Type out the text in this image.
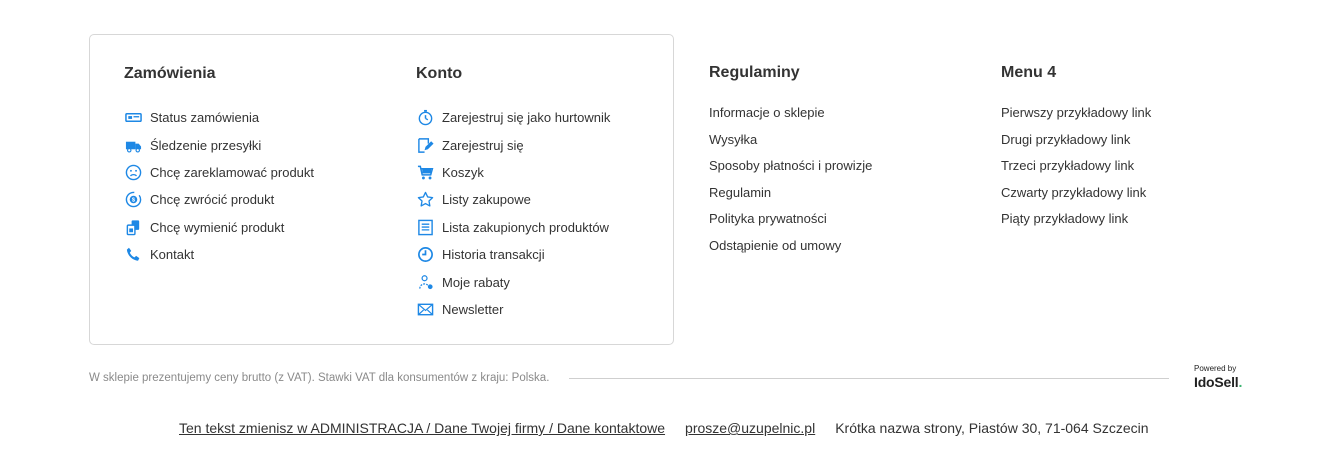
Zamówienia
Status zamówienia
Śledzenie przesyłki
Chcę zareklamować produkt
$ Chcę zwrócić produkt
Chcę wymienić produkt
Kontakt
Konto
Zarejestruj się jako hurtownik
Zarejestruj się
Koszyk
Listy zakupowe
Lista zakupionych produktów
Historia transakcji
Moje rabaty
Newsletter
Regulaminy
Informacje o sklepie
Wysyłka
Sposoby płatności i prowizje
Regulamin
Polityka prywatności
Odstąpienie od umowy
Menu 4
Pierwszy przykładowy link
Drugi przykładowy link
Trzeci przykładowy link
Czwarty przykładowy link
Piąty przykładowy link
W sklepie prezentujemy ceny brutto (z VAT). Stawki VAT dla konsumentów z kraju: Polska.
Powered by
IdoSell.
Ten tekst zmienisz w ADMINISTRACJA / Dane Twojej firmy / Dane kontaktowe prosze@uzupelnic.pl Krótka nazwa strony, Piastów 30, 71-064 Szczecin
